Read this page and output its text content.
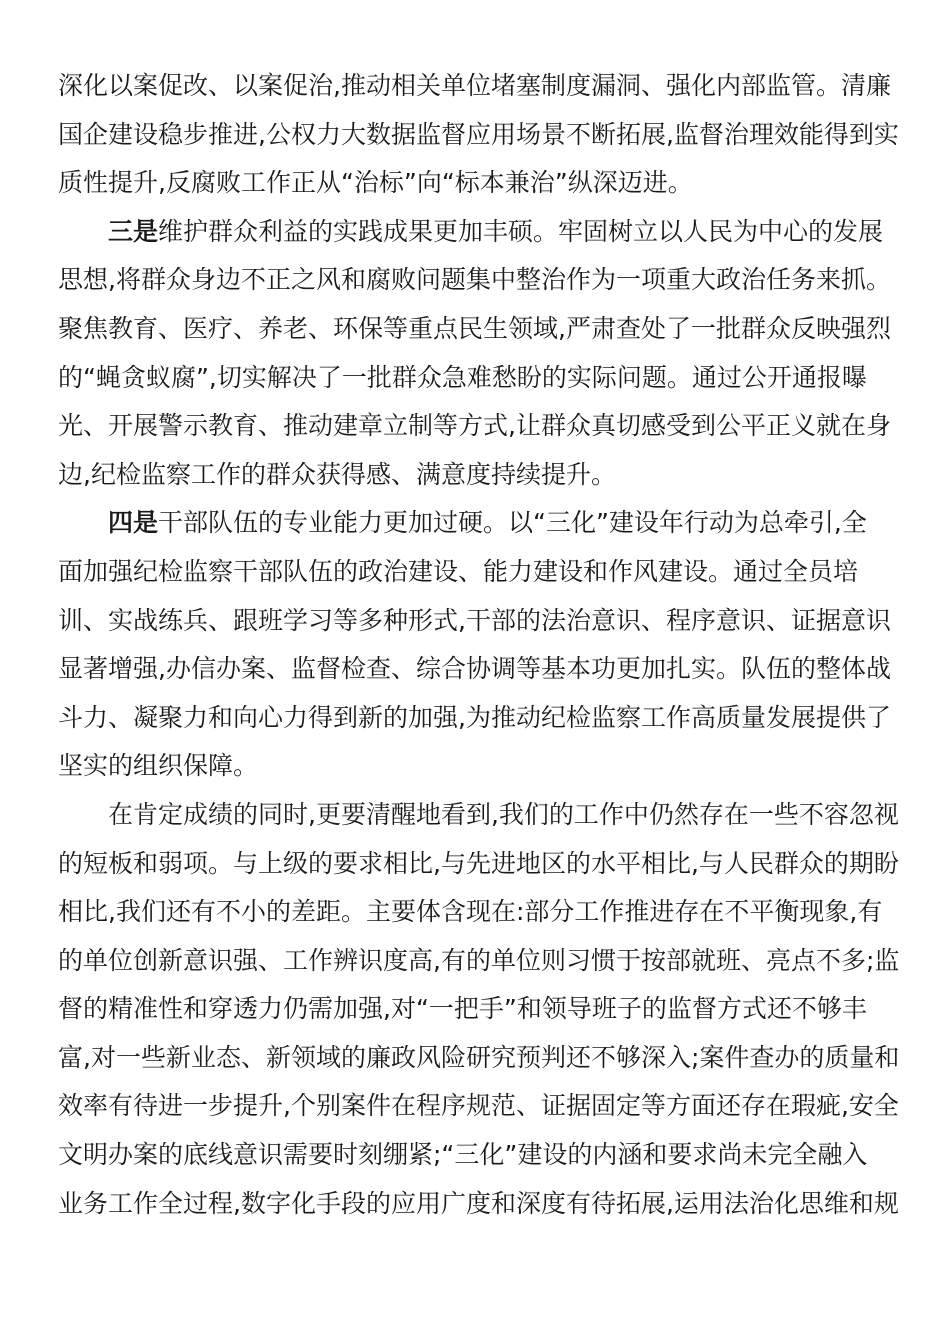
深化以案促改、以案促治,推动相关单位堵塞制度漏洞、强化内部监管。清廉
国企建设稳步推进,公权力大数据监督应用场景不断拓展,监督治理效能得到实
质性提升,反腐败工作正从“治标”向“标本兼治”纵深迈进。
三是维护群众利益的实践成果更加丰硕。牢固树立以人民为中心的发展
思想,将群众身边不正之风和腐败问题集中整治作为一项重大政治任务来抓。
聚焦教育、医疗、养老、环保等重点民生领域,严肃查处了一批群众反映强烈
的“蝇贪蚁腐”,切实解决了一批群众急难愁盼的实际问题。通过公开通报曝
光、开展警示教育、推动建章立制等方式,让群众真切感受到公平正义就在身
边,纪检监察工作的群众获得感、满意度持续提升。
四是干部队伍的专业能力更加过硬。以“三化”建设年行动为总牵引,全
面加强纪检监察干部队伍的政治建设、能力建设和作风建设。通过全员培
训、实战练兵、跟班学习等多种形式,干部的法治意识、程序意识、证据意识
显著增强,办信办案、监督检查、综合协调等基本功更加扎实。队伍的整体战
斗力、凝聚力和向心力得到新的加强,为推动纪检监察工作高质量发展提供了
坚实的组织保障。
在肯定成绩的同时,更要清醒地看到,我们的工作中仍然存在一些不容忽视
的短板和弱项。与上级的要求相比,与先进地区的水平相比,与人民群众的期盼
相比,我们还有不小的差距。主要体含现在:部分工作推进存在不平衡现象,有
的单位创新意识强、工作辨识度高,有的单位则习惯于按部就班、亮点不多;监
督的精准性和穿透力仍需加强,对“一把手”和领导班子的监督方式还不够丰
富,对一些新业态、新领域的廉政风险研究预判还不够深入;案件查办的质量和
效率有待进一步提升,个别案件在程序规范、证据固定等方面还存在瑕疵,安全
文明办案的底线意识需要时刻绷紧;“三化”建设的内涵和要求尚未完全融入
业务工作全过程,数字化手段的应用广度和深度有待拓展,运用法治化思维和规
